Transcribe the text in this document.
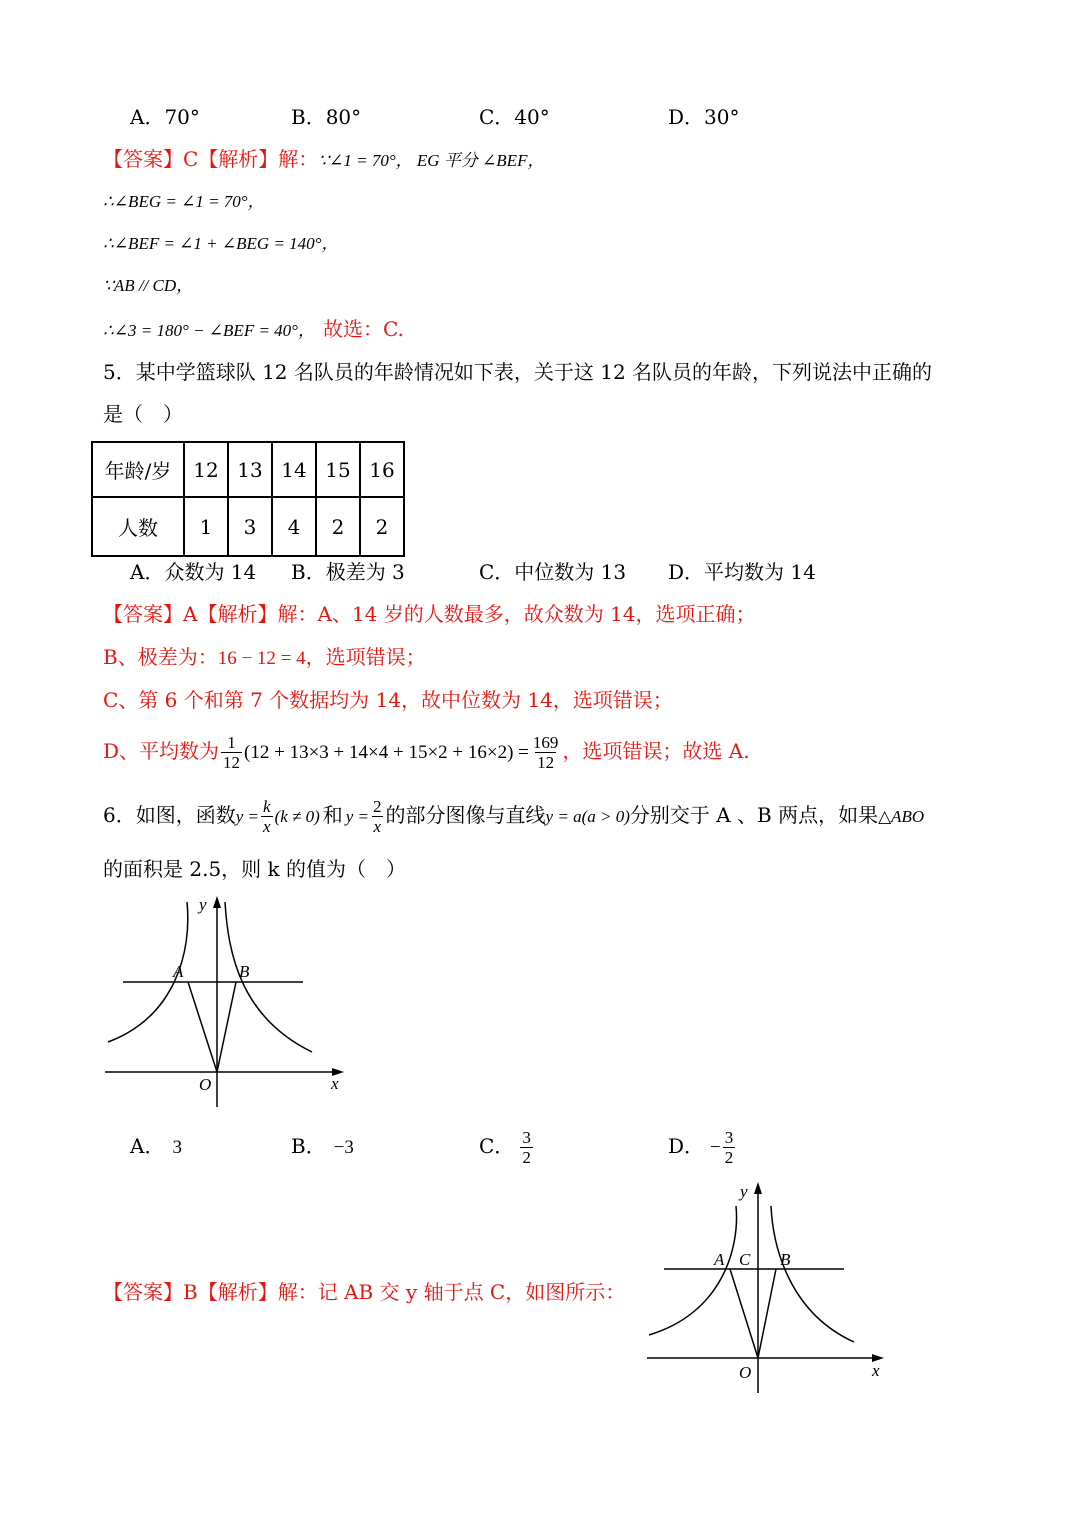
A．70°	B．80°	C．40°	D．30°
【答案】C【解析】解：∵∠1 = 70°， EG 平分 ∠BEF，
∴∠BEG = ∠1 = 70°，
∴∠BEF = ∠1 + ∠BEG = 140°，
∵AB // CD，
∴∠3 = 180° − ∠BEF = 40°， 故选：C.
5．某中学篮球队 12 名队员的年龄情况如下表，关于这 12 名队员的年龄，下列说法中正确的
是（　）
年龄/岁	12	13	14	15	16
人数	1	3	4	2	2
A．众数为 14 B．极差为 3	C．中位数为 13 D．平均数为 14
【答案】A【解析】解：A、14 岁的人数最多，故众数为 14，选项正确；
B、极差为：16 − 12 = 4，选项错误；
C、第 6 个和第 7 个数据均为 14，故中位数为 14，选项错误；
D、平均数为 $\frac{1}{12} (12 + 13\times 3 + 14\times 4 + 15\times 2 + 16\times 2) = \frac{169}{12}$ ，选项错误；故选 A.
6．如图，函数$y = \frac{k}{x} (k \ne 0)$ 和 $y = \frac{2}{x}$ 的部分图像与直线y = a(a > 0)分别交于 A 、B 两点，如果△ABO
的面积是 2.5，则 k 的值为（　）
y
x
O
A	B
A． 3	B． −3	C． $\frac{3}{2}$	D． − $\frac{3}{2}$
【答案】B【解析】解：记 AB 交 y 轴于点 C，如图所示：
y
x
O
A C B
